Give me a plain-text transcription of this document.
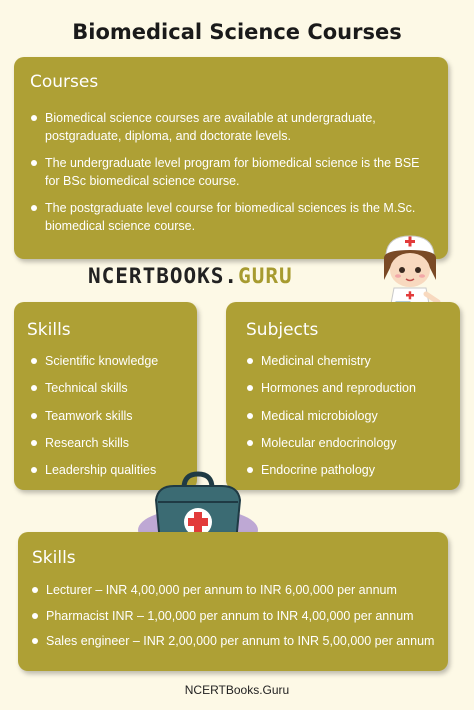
Biomedical Science Courses
Courses
Biomedical science courses are available at undergraduate, postgraduate, diploma, and doctorate levels.
The undergraduate level program for biomedical science is the BSE for BSc biomedical science course.
The postgraduate level course for biomedical sciences is the M.Sc. biomedical science course.
NCERTBOOKS.GURU
Skills
Scientific knowledge
Technical skills
Teamwork skills
Research skills
Leadership qualities
Subjects
Medicinal chemistry
Hormones and reproduction
Medical microbiology
Molecular endocrinology
Endocrine pathology
Skills
Lecturer – INR 4,00,000 per annum to INR 6,00,000 per annum
Pharmacist INR – 1,00,000 per annum to INR 4,00,000 per annum
Sales engineer – INR 2,00,000 per annum to INR 5,00,000 per annum
NCERTBooks.Guru
